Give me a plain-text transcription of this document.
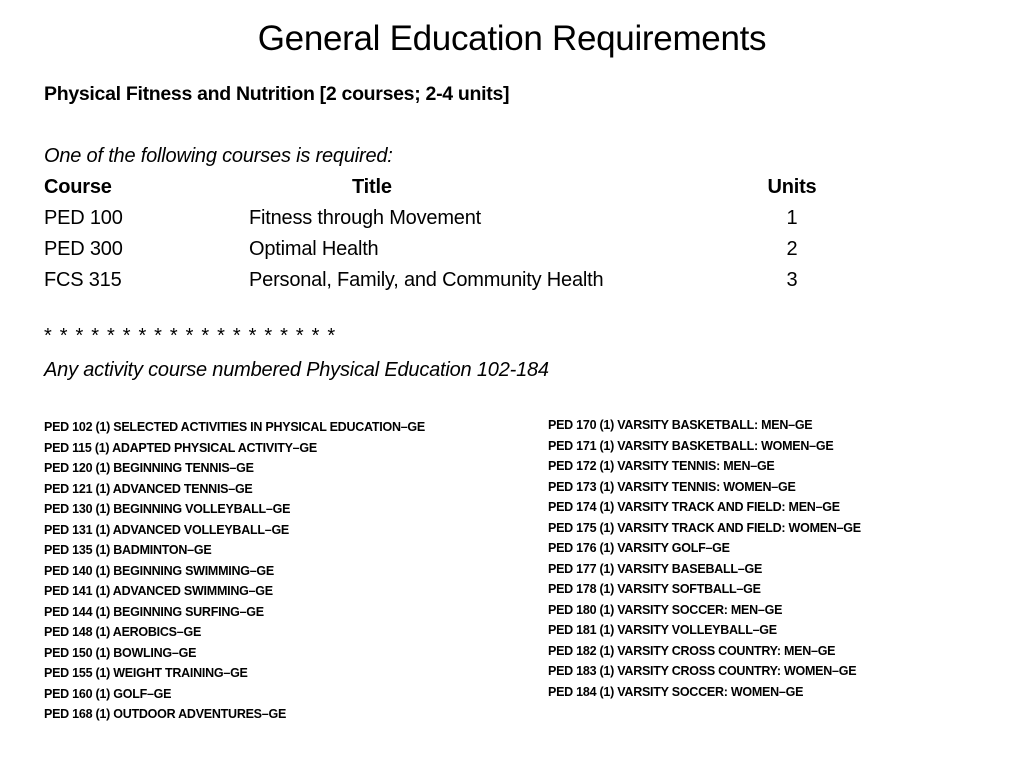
General Education Requirements
Physical Fitness and Nutrition [2 courses; 2-4 units]
One of the following courses is required:
Course	Title	Units
PED 100	Fitness through Movement	1
PED 300	Optimal Health	2
FCS 315	Personal, Family, and Community Health	3
* * * * * * * * * * * * * * * * * * *
Any activity course numbered Physical Education 102-184
PED 102 (1) SELECTED ACTIVITIES IN PHYSICAL EDUCATION–GE
PED 115 (1) ADAPTED PHYSICAL ACTIVITY–GE
PED 120 (1) BEGINNING TENNIS–GE
PED 121 (1) ADVANCED TENNIS–GE
PED 130 (1) BEGINNING VOLLEYBALL–GE
PED 131 (1) ADVANCED VOLLEYBALL–GE
PED 135 (1) BADMINTON–GE
PED 140 (1) BEGINNING SWIMMING–GE
PED 141 (1) ADVANCED SWIMMING–GE
PED 144 (1) BEGINNING SURFING–GE
PED 148 (1) AEROBICS–GE
PED 150 (1) BOWLING–GE
PED 155 (1) WEIGHT TRAINING–GE
PED 160 (1) GOLF–GE
PED 168 (1) OUTDOOR ADVENTURES–GE
PED 170 (1) VARSITY BASKETBALL: MEN–GE
PED 171 (1) VARSITY BASKETBALL: WOMEN–GE
PED 172 (1) VARSITY TENNIS: MEN–GE
PED 173 (1) VARSITY TENNIS: WOMEN–GE
PED 174 (1) VARSITY TRACK AND FIELD: MEN–GE
PED 175 (1) VARSITY TRACK AND FIELD: WOMEN–GE
PED 176 (1) VARSITY GOLF–GE
PED 177 (1) VARSITY BASEBALL–GE
PED 178 (1) VARSITY SOFTBALL–GE
PED 180 (1) VARSITY SOCCER: MEN–GE
PED 181 (1) VARSITY VOLLEYBALL–GE
PED 182 (1) VARSITY CROSS COUNTRY: MEN–GE
PED 183 (1) VARSITY CROSS COUNTRY: WOMEN–GE
PED 184 (1) VARSITY SOCCER: WOMEN–GE
